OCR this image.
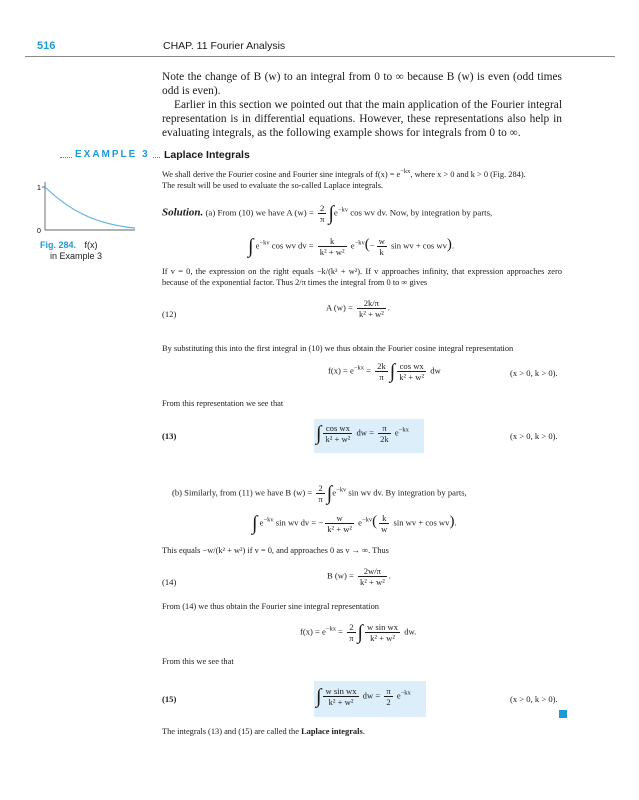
516	CHAP. 11 Fourier Analysis
Note the change of B (w) to an integral from 0 to ∞ because B (w) is even (odd times odd is even).
Earlier in this section we pointed out that the main application of the Fourier integral representation is in differential equations. However, these representations also help in evaluating integrals, as the following example shows for integrals from 0 to ∞.
EXAMPLE 3 Laplace Integrals
1
0
Fig. 284. f(x)
in Example 3
We shall derive the Fourier cosine and Fourier sine integrals of $f(x) = e^{-kx}$, where x > 0 and k > 0 (Fig. 284).
The result will be used to evaluate the so-called Laplace integrals.
Solution. (a) From (10) we have A $(w) = \frac{2}{\pi} \int e^{-kv}$ cos wv dv. Now, by integration by parts,
∫ $e^{-kv}$ cos wv dv = $\frac{k}{\text{k² + w²}} e^{-kv}(- \frac{w}{k}$ sin wv + cos wv).
If v = 0, the expression on the right equals −k/(k² + w²). If v approaches infinity, that expression approaches zero because of the exponential factor. Thus 2/π times the integral from 0 to ∞ gives
(12)
A $(w) = \frac{2k/\pi}{\text{k² + w²}}$ .
By substituting this into the first integral in (10) we thus obtain the Fourier cosine integral representation
$f(x) = e^{-kx} = \frac{2k}{\pi}$ ∫ $\frac{\text{cos wx}}{\text{k² + w²}}$ dw	(x > 0, k > 0).
From this representation we see that
(13)	∫ $\frac{\text{cos wx}}{\text{k² + w²}}$ dw = $\frac{\pi}{2k} e^{-kx}$
(x > 0, k > 0).
(b) Similarly, from (11) we have B $(w) = \frac{2}{\pi} \int e^{-kv}$ sin wv dv. By integration by parts,
∫ $e^{-kv}$ sin wv dv = − $\frac{w}{\text{k² + w²}} e^{-kv}( \frac{k}{w}$ sin wv + cos wv).
This equals −w/(k² + w²) if v = 0, and approaches 0 as v → ∞. Thus
(14)
B $(w) = \frac{2w/\pi}{\text{k² + w²}}$ .
From (14) we thus obtain the Fourier sine integral representation
$f(x) = e^{-kx} = \frac{2}{\pi}$ ∫ $\frac{\text{w sin wx}}{\text{k² + w²}}$ dw.
From this we see that
(15)	∫ $\frac{\text{w sin wx}}{\text{k² + w²}}$ dw = $\frac{\pi}{2} e^{-kx}$
(x > 0, k > 0).
The integrals (13) and (15) are called the Laplace integrals.
